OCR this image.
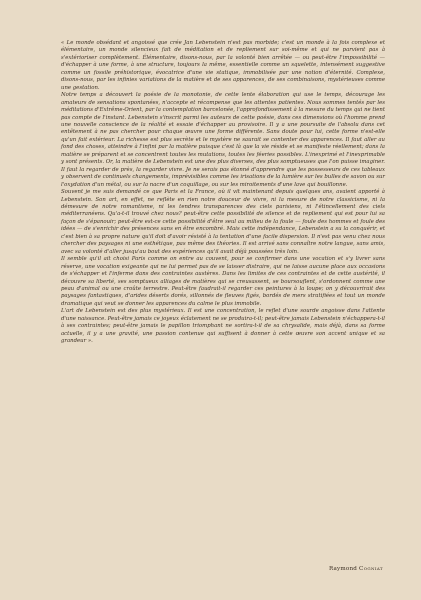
« Le monde obsédant et angoissé que crée Jan Lebenstein n'est pas morbide; c'est un monde à la fois complexe et élémentaire, un monde silencieux fait de méditation et de repliement sur soi-même et qui ne parvient pas à s'extérioriser complètement. Élémentaire, disons-nous, par la volonté bien arrêtée — ou peut-être l'impossibilité — d'échapper à une forme, à une structure, toujours la même, essentielle comme un squelette, intensément suggestive comme un fossile préhistorique, évocatrice d'une vie statique, immobilisée par une notion d'éternité. Complexe, disons-nous, par les infinies variations de la matière et de ses apparences, de ses combinaisons, mystérieuses comme une gestation.

Notre temps a découvert la poésie de la monotonie, de cette lente élaboration qui use le temps, décourage les amateurs de sensations spontanées, n'accepte et récompense que les attentes patientes. Nous sommes tentés par les méditations d'Extrême-Orient, par la contemplation barcelonée, l'approfondissement à la mesure du temps qui ne tient pas compte de l'instant. Lebenstein s'inscrit parmi les auteurs de cette poésie, dans ces dimensions où l'homme prend une nouvelle conscience de la réalité et essaie d'échapper au provisoire. Il y a une poursuite de l'absolu dans cet entêtement à ne pas chercher pour chaque œuvre une forme différente. Sans doute pour lui, cette forme n'est-elle qu'un fait extérieur. La richesse est plus secrète et le mystère ne saurait se contenter des apparences. Il faut aller au fond des choses, atteindre à l'infini par la matière puisque c'est là que la vie réside et se manifeste réellement; dans la matière se préparent et se concentrent toutes les mutations, toutes les féeries possibles. L'inexprimé et l'inexprimable y sont présents. Or, la matière de Lebenstein est une des plus diverses, des plus somptueuses que l'on puisse imaginer. Il faut la regarder de près, la regarder vivre. Je ne serais pas étonné d'apprendre que les possesseurs de ces tableaux y observent de continuels changements, imprévisibles comme les irisations de la lumière sur les bulles de savon ou sur l'oxydation d'un métal, ou sur la nacre d'un coquillage, ou sur les miroitements d'une lave qui bouillonne.

Souvent je me suis demandé ce que Paris et la France, où il vit maintenant depuis quelques ans, avaient apporté à Lebenstein. Son art, en effet, ne reflète en rien notre douceur de vivre, ni la mesure de notre classicisme, ni la démesure de notre romantisme, ni les tendres transparences des ciels parisiens, ni l'étincellement des ciels méditerranéens. Qu'a-t-il trouvé chez nous? peut-être cette possibilité de silence et de repliement qui est pour lui sa façon de s'épanouir; peut-être est-ce cette possibilité d'être seul au milieu de la foule — foule des hommes et foule des idées — de s'enrichir des présences sans en être encombré. Mais cette indépendance, Lebenstein a su la conquérir, et c'est bien à sa propre nature qu'il doit d'avoir résisté à la tentation d'une facile dispersion. Il n'est pas venu chez nous chercher des paysages ni une esthétique, pas même des théories. Il est arrivé sans connaître notre langue, sans amis, avec sa volonté d'aller jusqu'au bout des expériences qu'il avait déjà poussées très loin.

Il semble qu'il ait choisi Paris comme on entre au couvent, pour se confirmer dans une vocation et s'y livrer sans réserve, une vocation exigeante qui ne lui permet pas de se laisser distraire, qui ne laisse aucune place aux occasions de s'échapper et l'inferme dans des contraintes austères. Dans les limites de ces contraintes et de cette austérité, il découvre sa liberté, ses somptueux alliages de matières qui se creusassent, se boursouflent, s'ordonnent comme une peau d'animal ou une croûte terrestre. Peut-être faudrait-il regarder ces peintures à la loupe; on y découvrirait des paysages fantastiques, d'arides déserts dorés, sillonnés de fleuves figés, bordés de mers stratifiées et tout un monde dramatique qui veut se donner les apparences du calme le plus immobile.

L'art de Lebenstein est des plus mystérieux. Il est une concentration, le reflet d'une sourde angoisse dans l'attente d'une naissance. Peut-être jamais ce joyeux éclatement ne se produira-t-il; peut-être jamais Lebenstein n'échappera-t-il à ses contraintes; peut-être jamais le papillon triomphant ne sortira-t-il de sa chrysalide, mais déjà, dans sa forme actuelle, il y a une gravité, une passion contenue qui suffisent à donner à cette œuvre son accent unique et sa grandeur ».

Raymond Cogniat
